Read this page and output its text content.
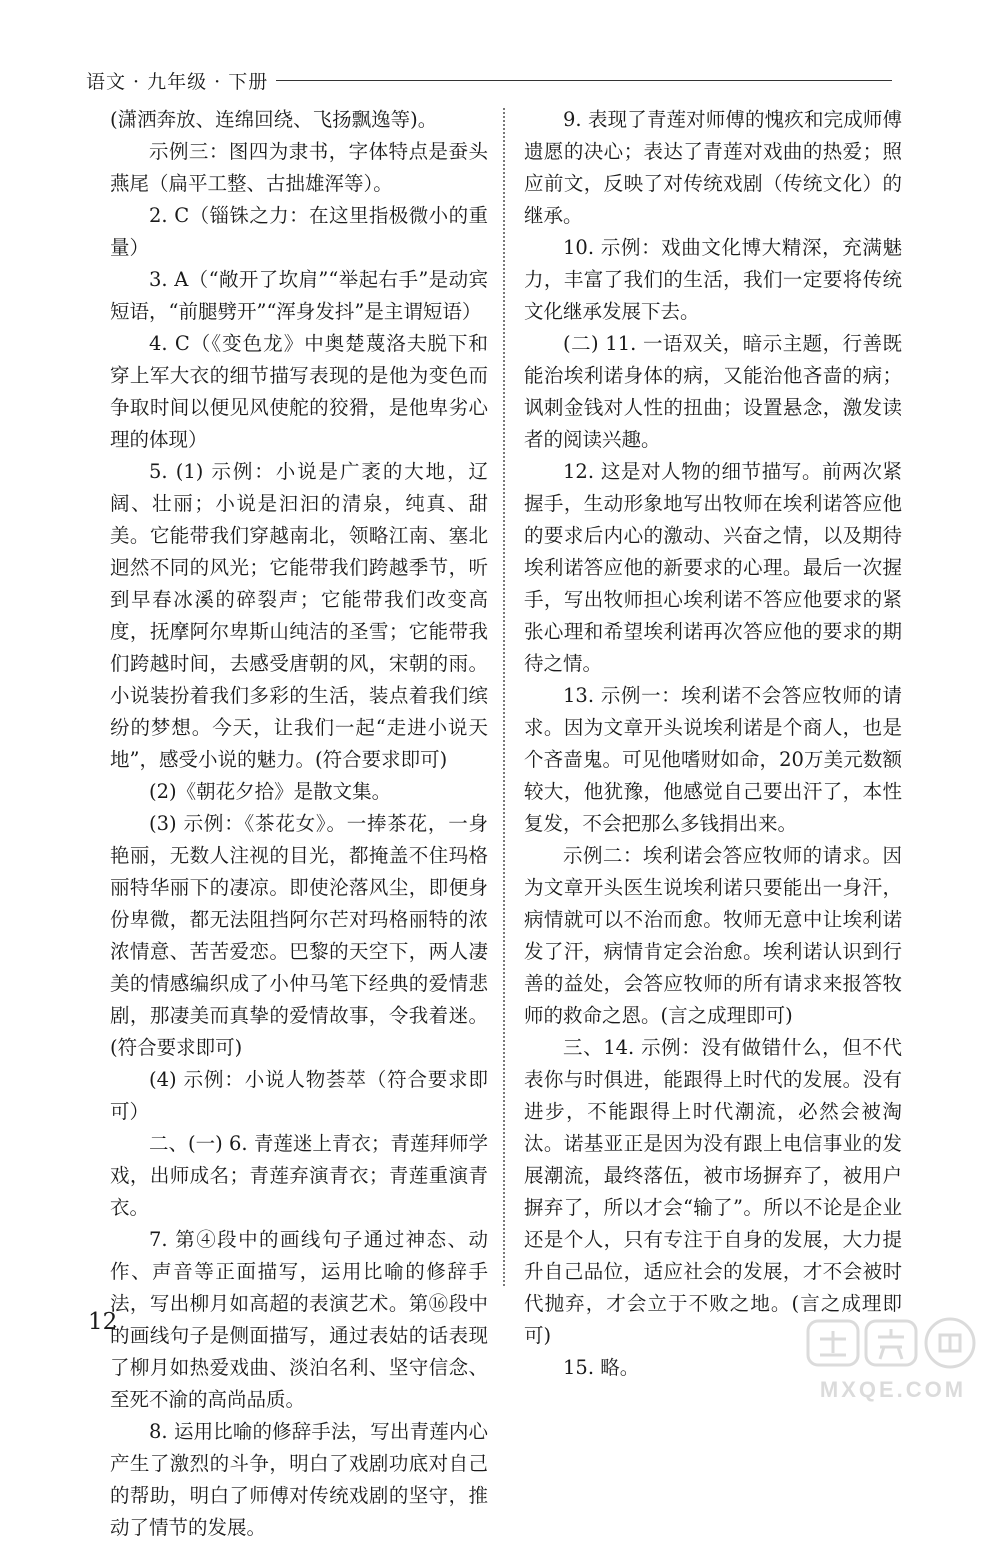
语文 · 九年级 · 下册

(潇洒奔放、连绵回绕、飞扬飘逸等)。

示例三：图四为隶书，字体特点是蚕头燕尾（扁平工整、古拙雄浑等）。

2. C（锱铢之力：在这里指极微小的重量）

3. A（“敞开了坎肩”“举起右手”是动宾短语，“前腿劈开”“浑身发抖”是主谓短语）

4. C（《变色龙》中奥楚蔑洛夫脱下和穿上军大衣的细节描写表现的是他为变色而争取时间以便见风使舵的狡猾，是他卑劣心理的体现）

5. (1) 示例：小说是广袤的大地，辽阔、壮丽；小说是汩汩的清泉，纯真、甜美。它能带我们穿越南北，领略江南、塞北迥然不同的风光；它能带我们跨越季节，听到早春冰溪的碎裂声；它能带我们改变高度，抚摩阿尔卑斯山纯洁的圣雪；它能带我们跨越时间，去感受唐朝的风，宋朝的雨。小说装扮着我们多彩的生活，装点着我们缤纷的梦想。今天，让我们一起“走进小说天地”，感受小说的魅力。(符合要求即可)

(2)《朝花夕拾》是散文集。

(3) 示例：《茶花女》。一捧茶花，一身艳丽，无数人注视的目光，都掩盖不住玛格丽特华丽下的凄凉。即使沦落风尘，即便身份卑微，都无法阻挡阿尔芒对玛格丽特的浓浓情意、苦苦爱恋。巴黎的天空下，两人凄美的情感编织成了小仲马笔下经典的爱情悲剧，那凄美而真挚的爱情故事，令我着迷。(符合要求即可)

(4) 示例：小说人物荟萃（符合要求即可）

二、(一) 6. 青莲迷上青衣；青莲拜师学戏，出师成名；青莲弃演青衣；青莲重演青衣。

7. 第④段中的画线句子通过神态、动作、声音等正面描写，运用比喻的修辞手法，写出柳月如高超的表演艺术。第⑯段中的画线句子是侧面描写，通过表姑的话表现了柳月如热爱戏曲、淡泊名利、坚守信念、至死不渝的高尚品质。

8. 运用比喻的修辞手法，写出青莲内心产生了激烈的斗争，明白了戏剧功底对自己的帮助，明白了师傅对传统戏剧的坚守，推动了情节的发展。

9. 表现了青莲对师傅的愧疚和完成师傅遗愿的决心；表达了青莲对戏曲的热爱；照应前文，反映了对传统戏剧（传统文化）的继承。

10. 示例：戏曲文化博大精深，充满魅力，丰富了我们的生活，我们一定要将传统文化继承发展下去。

(二) 11. 一语双关，暗示主题，行善既能治埃利诺身体的病，又能治他吝啬的病；讽刺金钱对人性的扭曲；设置悬念，激发读者的阅读兴趣。

12. 这是对人物的细节描写。前两次紧握手，生动形象地写出牧师在埃利诺答应他的要求后内心的激动、兴奋之情，以及期待埃利诺答应他的新要求的心理。最后一次握手，写出牧师担心埃利诺不答应他要求的紧张心理和希望埃利诺再次答应他的要求的期待之情。

13. 示例一：埃利诺不会答应牧师的请求。因为文章开头说埃利诺是个商人，也是个吝啬鬼。可见他嗜财如命，20万美元数额较大，他犹豫，他感觉自己要出汗了，本性复发，不会把那么多钱捐出来。

示例二：埃利诺会答应牧师的请求。因为文章开头医生说埃利诺只要能出一身汗，病情就可以不治而愈。牧师无意中让埃利诺发了汗，病情肯定会治愈。埃利诺认识到行善的益处，会答应牧师的所有请求来报答牧师的救命之恩。(言之成理即可)

三、14. 示例：没有做错什么，但不代表你与时俱进，能跟得上时代的发展。没有进步，不能跟得上时代潮流，必然会被淘汰。诺基亚正是因为没有跟上电信事业的发展潮流，最终落伍，被市场摒弃了，被用户摒弃了，所以才会“输了”。所以不论是企业还是个人，只有专注于自身的发展，大力提升自己品位，适应社会的发展，才不会被时代抛弃，才会立于不败之地。(言之成理即可)

15. 略。

12
MXQE.COM
